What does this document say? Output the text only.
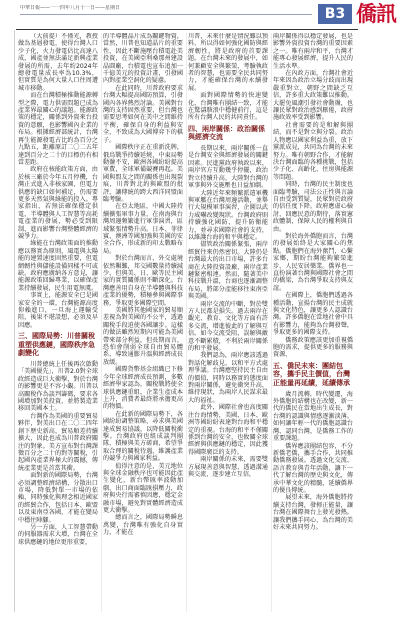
中華日報——一一四年八月十一日——星期日	B3 僑訊

（大前提）不僅光，教授做為基層發電，使得台灣人口少子化，火力發電佔比高達八成，國產並無法滿足新興產業發展的所需，去年約2024年總發電量成長率為10.3%，但實質是為何大量人口往周遭城市移動。

而在台灣積極推動能源轉型之際，電力供需問題已成為產業界最關心的議題。能源政策的穩定，關係到外資來台投資的意願，也影響國內企業的布局。根據經濟部統計，台灣再生能源發電占比約為百分之九點五，距離原訂二〇二五年達到百分之二十的目標仍有相當差距。

政府在核能政策方面，由於核三廠於今年五月停機，台灣正式進入非核家園，但電力供應的缺口如何補足，仍需要更多天然氣與綠能的投入。專家指出，若無法確保穩定供電，半導體與人工智慧等高耗電產業的發展，勢必受到限制，進而影響台灣整體經濟的競爭力。

綠能在台灣政策面的推動應以務實為原則，風電與太陽能的建置速度固然重要，但電網韌性與儲能設備同樣不可或缺。政府應廣納各方意見，讓能源政策回歸專業，以確保產業持續發展，民生用電無虞。

事實上，能源安全已是國家安全的一環，台灣能源高度仰賴進口，一旦海上運輸受阻，後果不堪設想，必須及早因應。

三、國際局勢：川普關稅重塑供應鏈，國際秩序急劇變化

川普總統上任後再次啟動「美國優先」，川普2.0對全球政經造成巨大衝擊，對於台灣的影響更是不容小覷。川普以高關稅作為談判籌碼，要求各國增加對美投資，並將製造業移回美國本土。

台灣作為美國的重要貿易夥伴，對美出口在二〇二四年創下歷史新高，貿易順差持續擴大，因此也成為川普政府關注的對象。美方宣布對台灣課徵百分之二十的對等關稅，引起國內產業界極大的震撼，傳統產業更是首當其衝。

面對新的國際局勢，台灣必須調整經濟結構，分散出口市場，降低對單一市場的依賴，同時強化與理念相近國家的經貿合作，包括日本、歐盟以及東南亞各國，才能在變局中穩住陣腳。

另一方面，人工智慧帶動的伺服器需求大增，台灣在全球供應鏈的地位更形重要，

的半導體晶片成為關鍵物資，當然，川普也知道晶片的重要性，因此不斷施壓台積電赴美投資，在美國亞利桑那州建設晶圓廠，台積電也宣布追加一千億美元的投資計畫，引發國內對產業空洞化的疑慮。

在此同時，川普政府要求台灣大幅提高國防預算，引發國內各界熱烈討論。美國對台灣的支持固然重要，但台灣也需要思考如何在美中之間維持平衡，確保自身的利益與安全，不致成為大國博弈下的棋子。

國際秩序正在重新洗牌，俄烏戰爭持續延燒，中東局勢動盪不安，歐洲各國紛紛提高軍費，全球軍備競賽再起。美國與盟友之間的關係也出現裂痕，川普對北約與歐盟的批評，讓傳統的跨大西洋同盟面臨考驗。

在亞太地區，中國大陸持續擴張軍事力量，在南海與台灣周邊頻繁進行軍事演習，區域緊張情勢升高。日本、菲律賓、澳洲等國加強與美國的安全合作，形成新的印太戰略布局。

對於台灣而言，外交處境依然艱難，邦交國數量持續減少，但與美、日、歐等民主國家的實質關係則不斷深化。台灣應善用自身在半導體與科技產業的優勢，積極參與國際事務，爭取更多國際空間。

美國將其他國家的貿易順差視為對美國的不公平，透過關稅手段迫使各國讓步。這樣的做法雖然短期內可能為美國帶來部分利益，但長期而言，恐怕會削弱全球自由貿易體系，導致通膨升溫與經濟成長放緩。

國際貨幣基金組織已下修今年全球經濟成長預測，多數經濟學家認為，關稅戰將使全球供應鏈重組，企業生產成本上升，消費者最終將承擔更高的物價。

在此新的國際局勢下，各國紛紛調整策略，尋求與美國達成貿易協議，以降低關稅衝擊。台灣政府也組成談判團隊，積極與美方磋商，希望爭取合理的關稅待遇，維護產業的競爭力與國家利益。

值得注意的是，美元地位與全球金融秩序也可能因此產生變化，新台幣匯率波動加劇，出口商面臨匯損壓力，政府與央行需審慎因應，穩定金融市場，避免對實體經濟造成更大衝擊。

總而言之，國際局勢瞬息萬變，台灣唯有強化自身實力，才能在

川普，未來什麼是情況難以預料，所以得如何強化國防與經濟韌性，將是政府的首要課題。在台灣未來的發展中，如何兼顧安全與繁榮，考驗執政者的智慧，也需要全民共同努力，才能確保台灣的永續發展。

面對國際情勢的快速變化，台灣唯有團結一致，才能在驚濤駭浪中穩健前行，這是所有台灣人民的共同責任。

四、兩岸關係：政治關係與經濟交流

長期以來，兩岸關係一直是台灣安全與經濟發展的關鍵因素。民進黨政府執政以來，兩岸官方互動幾乎停擺，政治對立持續升高，大陸對台灣的軍事與外交施壓也日益加劇。

大陸近年來頻繁派遣軍機與軍艦在台灣周邊活動，並舉行大規模軍事演習，企圖以武力威嚇改變現狀。台灣政府則持續強化國防，提升防衛能力，並尋求國際社會的支持，以維護台海的和平與穩定。

儘管政治關係緊張，兩岸經貿往來仍然密切。大陸仍是台灣最大的出口市場，許多台商在大陸投資設廠，兩岸產業鏈緊密相連。然而，隨著美中科技戰升溫，台商也逐漸調整布局，將部分產能移往東南亞與美國。

兩岸交流的中斷，對於雙方人民都是損失。過去兩岸在觀光、教育、文化等方面有許多交流，增進彼此的了解與互信。如今交流受阻，誤解與敵意不斷累積，不利於兩岸關係的和平發展。

我們認為，兩岸應該透過對話化解歧見，以和平方式處理爭議。台灣應堅持民主自由的價值，同時以務實的態度面對兩岸關係，避免衝突升高，維持現狀，為兩岸人民謀求最大的福祉。

此外，國際社會也高度關注台海情勢，美國、日本、歐洲等國紛紛表達對台海和平穩定的重視。台海的和平不僅關係到台灣的安全，也攸關全球經濟與供應鏈的穩定，因此獲得國際廣泛的支持。

兩岸關係的未來，需要雙方展現善意與智慧，透過溝通與交流，逐步建立互信，

兩岸關係得以穩定發展，也是影響外資投資台灣的重要因素之一。唯有兩岸和平，台灣才能專心發展經濟，提升人民的生活水準。

在內政方面，台灣社會近年來因為政治立場分歧而出現嚴重對立，朝野之間缺乏互信，許多重大政策難以推動。大罷免風潮引發社會動盪，也讓民眾對政治感到厭倦，政府施政效率受到影響。

社會需要的是和解與團結，而不是對立與分裂。政治人物應以國家利益為重，放下黨派成見，共同為台灣的未來努力。唯有朝野合作，才能解決台灣面臨的各種挑戰，包括少子化、高齡化、住房與能源等問題。

同時，台灣的民主制度也面臨考驗，司法公正性與言論自由受到質疑，民眾對於政府的信任度下降。政府應虛心檢討，回應民意的期待，落實憲政體制，保障人民的權利與自由。

對於海外僑胞而言，台灣的發展始終是大家關心的焦點。僑胞們在海外奮鬥，心繫家鄉，期盼台灣能夠繁榮進步，人民安居樂業。僑界也一直扮演著台灣與國際社會之間的橋梁，為台灣爭取支持與友誼。

在國際上，僑胞們透過各種活動，宣揚台灣的民主成就與文化特色，讓更多人認識台灣。許多僑胞在當地社會中具有影響力，能夠為台灣發聲，爭取更多的國際支持。

僑務政策應該更加重視僑胞的需求，提供更多的服務與資源，

五、僑民未來：團結包容，攜手民主價值，台灣正能量再延續，延續傳承

歲月流轉，時代變遷，海外僑胞的結構也在改變，新一代的僑民在當地出生成長，對台灣的認識與情感逐漸淡薄。如何讓年輕一代的僑胞認識台灣、認同台灣，是僑務工作的重要課題。

僑界應該團結包容，不分新僑老僑，攜手合作，共同推動僑務發展。透過文化交流、語言教育與青年活動，讓下一代了解台灣的歷史與文化，傳承中華文化的精髓，延續僑界的優良傳統。

展望未來，海外僑胞將持續支持台灣，發揮正能量，讓台灣在國際舞台上發光發熱。讓我們攜手同心，為台灣的美好未來共同努力。
